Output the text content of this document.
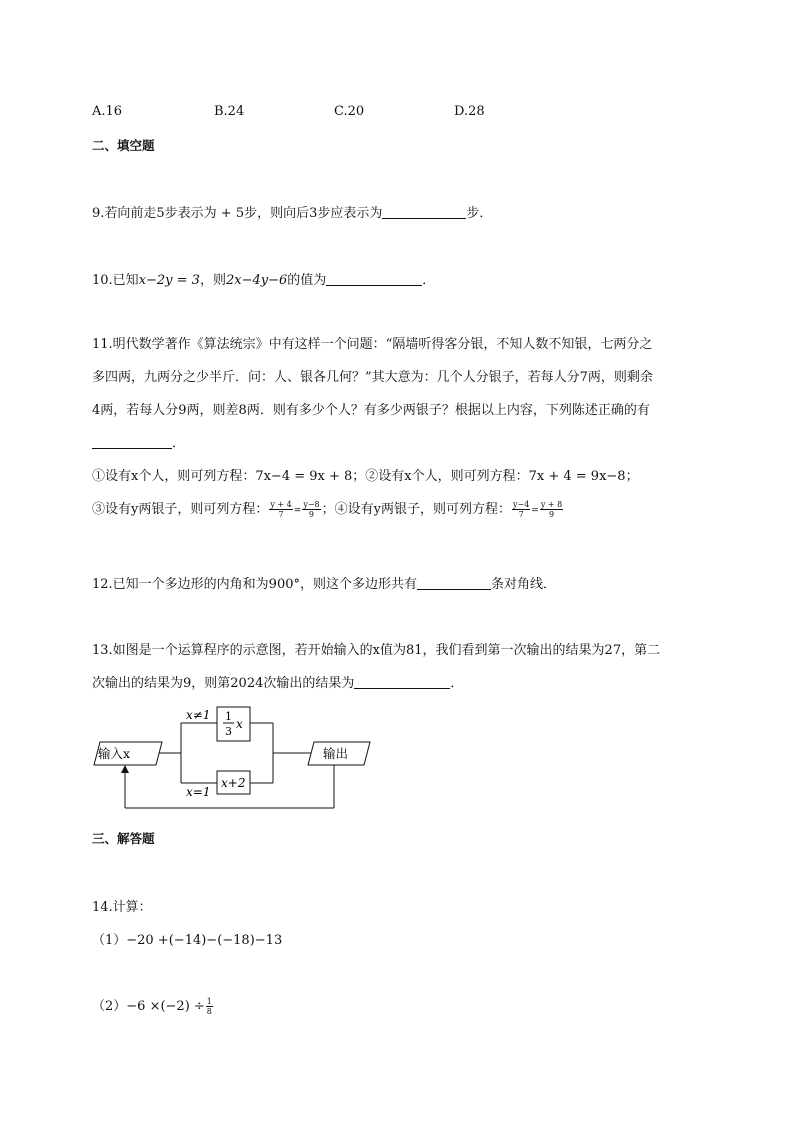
A.16	B.24	C.20	D.28
二、填空题
9.若向前走5步表示为 + 5步，则向后3步应表示为	步．
10.已知x−2y = 3，则2x−4y−6的值为	．
11.明代数学著作《算法统宗》中有这样一个问题：“隔墙听得客分银，不知人数不知银，七两分之
多四两，九两分之少半斤．问：人、银各几何？”其大意为：几个人分银子，若每人分7两，则剩余
4两，若每人分9两，则差8两．则有多少个人？有多少两银子？根据以上内容，下列陈述正确的有
．
①设有x个人，则可列方程：7x−4 = 9x + 8；②设有x个人，则可列方程：7x + 4 = 9x−8；
③设有y两银子，则可列方程： $\frac{y + 4}{7} = \frac{y-8}{9}$ ；④设有y两银子，则可列方程： $\frac{y-4}{7} = \frac{y + 8}{9}$
12.已知一个多边形的内角和为900°，则这个多边形共有	条对角线．
13.如图是一个运算程序的示意图，若开始输入的x值为81，我们看到第一次输出的结果为27，第二
次输出的结果为9，则第2024次输出的结果为	．
输入x	输出
x≠1
x=1
1
3
x
x+2
三、解答题
14.计算：
（1）−20 +(−14)−(−18)−13
$(2)-6 \times(-2) \div \frac{1}{8}$
